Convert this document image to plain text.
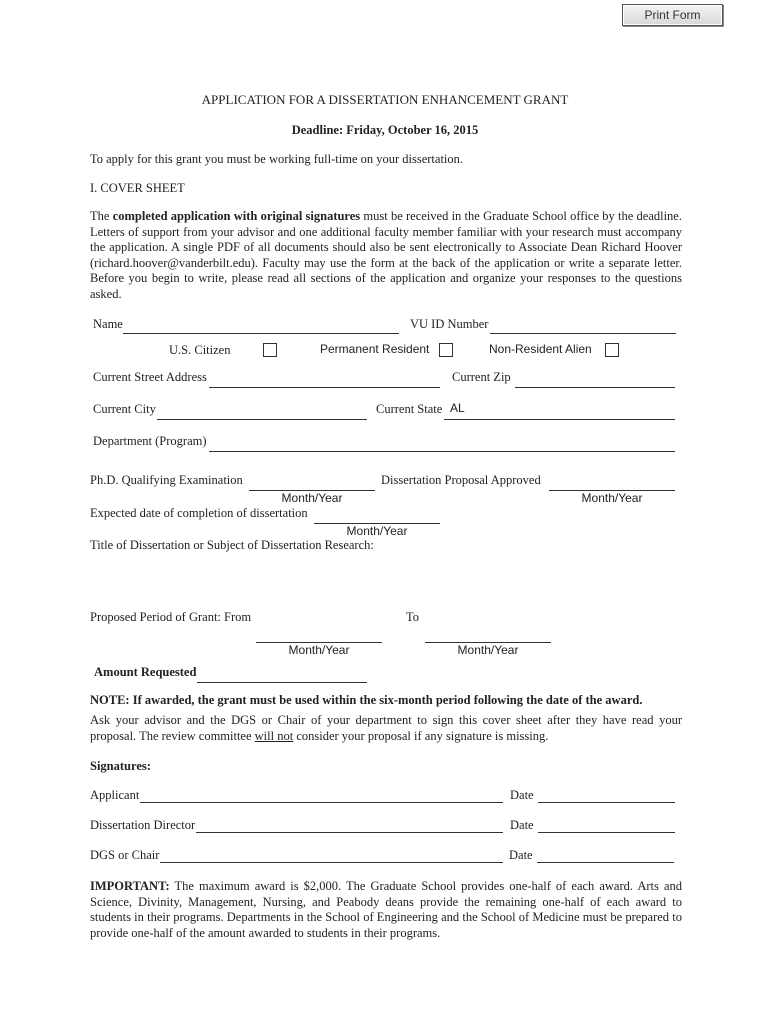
Print Form
APPLICATION FOR A DISSERTATION ENHANCEMENT GRANT
Deadline: Friday, October 16, 2015
To apply for this grant you must be working full-time on your dissertation.
I. COVER SHEET
The completed application with original signatures must be received in the Graduate School office by the deadline. Letters of support from your advisor and one additional faculty member familiar with your research must accompany the application. A single PDF of all documents should also be sent electronically to Associate Dean Richard Hoover (richard.hoover@vanderbilt.edu). Faculty may use the form at the back of the application or write a separate letter. Before you begin to write, please read all sections of the application and organize your responses to the questions asked.
Name	VU ID Number
U.S. Citizen	Permanent Resident	Non-Resident Alien
Current Street Address	Current Zip
Current City	Current State AL
Department (Program)
Ph.D. Qualifying Examination
Month/Year
Dissertation Proposal Approved
Month/Year
Expected date of completion of dissertation
Month/Year
Title of Dissertation or Subject of Dissertation Research:
Proposed Period of Grant: From	To
Month/Year	Month/Year
Amount Requested
NOTE: If awarded, the grant must be used within the six-month period following the date of the award.
Ask your advisor and the DGS or Chair of your department to sign this cover sheet after they have read your proposal. The review committee will not consider your proposal if any signature is missing.
Signatures:
Applicant	Date
Dissertation Director	Date
DGS or Chair	Date
IMPORTANT: The maximum award is $2,000. The Graduate School provides one-half of each award. Arts and Science, Divinity, Management, Nursing, and Peabody deans provide the remaining one-half of each award to students in their programs. Departments in the School of Engineering and the School of Medicine must be prepared to provide one-half of the amount awarded to students in their programs.
